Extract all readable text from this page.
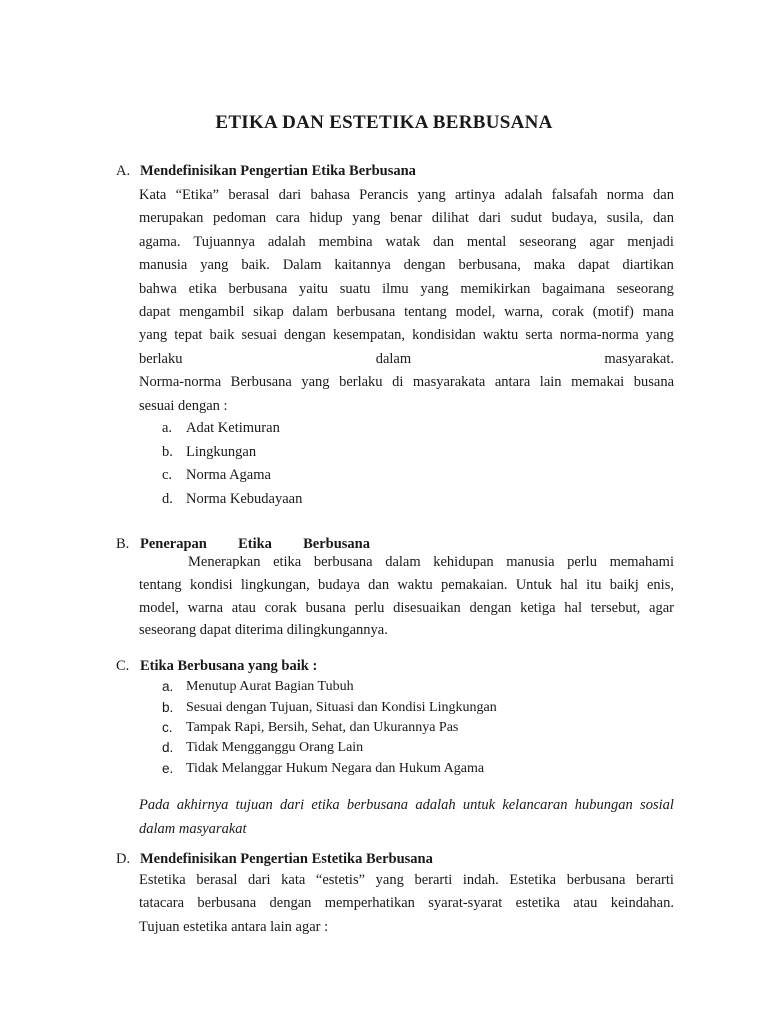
ETIKA DAN ESTETIKA BERBUSANA
A. Mendefinisikan Pengertian Etika Berbusana
Kata “Etika” berasal dari bahasa Perancis yang artinya adalah falsafah norma dan
merupakan pedoman cara hidup yang benar dilihat dari sudut budaya, susila, dan
agama. Tujuannya adalah membina watak dan mental seseorang agar menjadi
manusia yang baik. Dalam kaitannya dengan berbusana, maka dapat diartikan
bahwa etika berbusana yaitu suatu ilmu yang memikirkan bagaimana seseorang
dapat mengambil sikap dalam berbusana tentang model, warna, corak (motif) mana
yang tepat baik sesuai dengan kesempatan, kondisidan waktu serta norma-norma yang
berlaku	dalam	masyarakat.
Norma-norma Berbusana yang berlaku di masyarakata antara lain memakai busana
sesuai dengan :
a. Adat Ketimuran
b. Lingkungan
c. Norma Agama
d. Norma Kebudayaan
B. Penerapan Etika Berbusana
Menerapkan etika berbusana dalam kehidupan manusia perlu memahami
tentang kondisi lingkungan, budaya dan waktu pemakaian. Untuk hal itu baikj enis,
model, warna atau corak busana perlu disesuaikan dengan ketiga hal tersebut, agar
seseorang dapat diterima dilingkungannya.
C. Etika Berbusana yang baik :
a. Menutup Aurat Bagian Tubuh
b. Sesuai dengan Tujuan, Situasi dan Kondisi Lingkungan
c. Tampak Rapi, Bersih, Sehat, dan Ukurannya Pas
d. Tidak Mengganggu Orang Lain
e. Tidak Melanggar Hukum Negara dan Hukum Agama
Pada akhirnya tujuan dari etika berbusana adalah untuk kelancaran hubungan sosial
dalam masyarakat
D. Mendefinisikan Pengertian Estetika Berbusana
Estetika berasal dari kata “estetis” yang berarti indah. Estetika berbusana berarti
tatacara berbusana dengan memperhatikan syarat-syarat estetika atau keindahan.
Tujuan estetika antara lain agar :
